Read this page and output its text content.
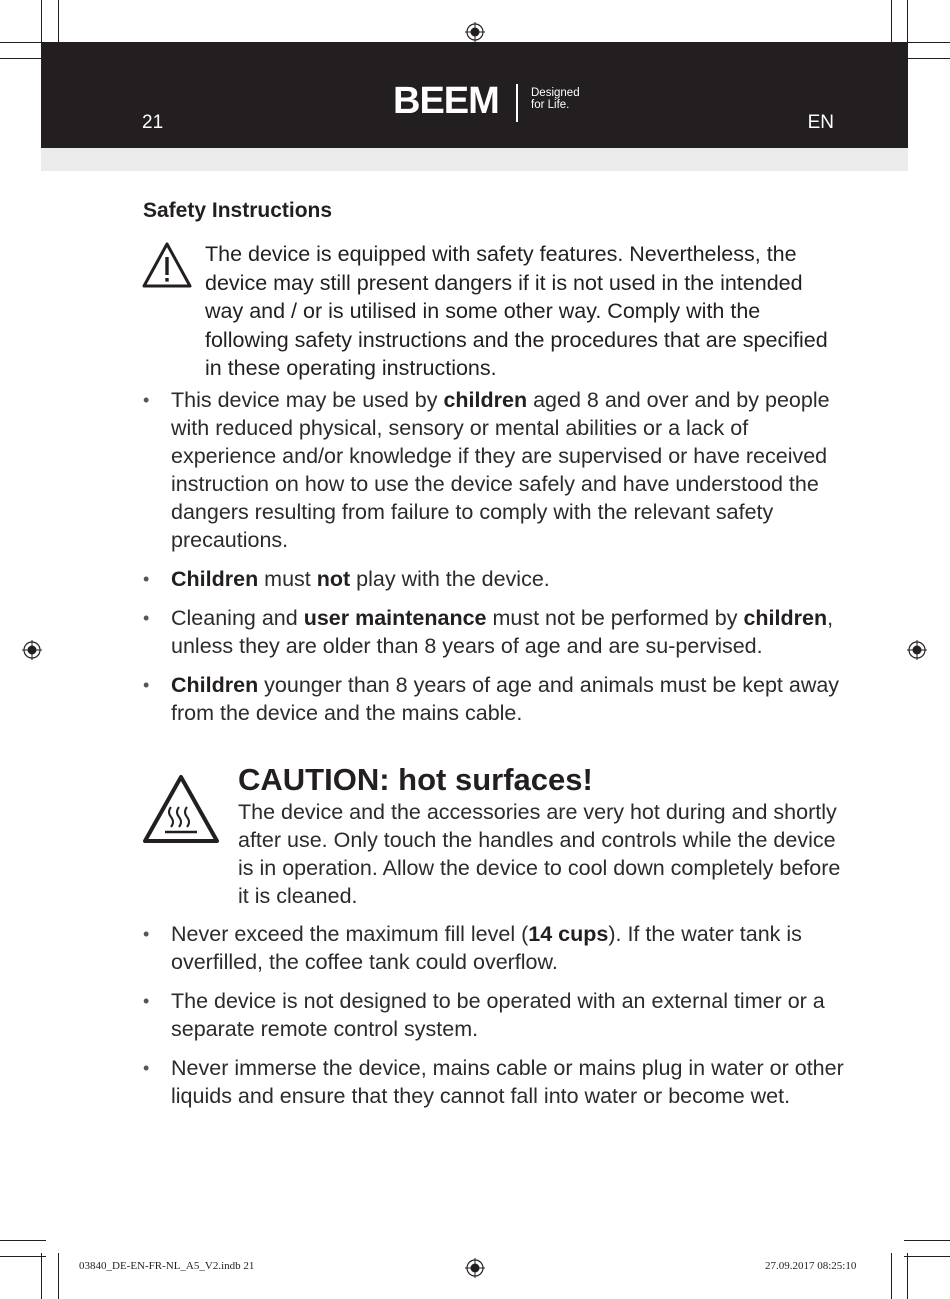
21
BEEM	Designed
for Life.
EN
Safety Instructions
The device is equipped with safety features. Nevertheless, the device may still present dangers if it is not used in the intended way and / or is utilised in some other way. Comply with the following safety instructions and the procedures that are specified in these operating instructions.
• This device may be used by children aged 8 and over and by people with reduced physical, sensory or mental abilities or a lack of experience and/or knowledge if they are supervised or have received instruction on how to use the device safely and have understood the dangers resulting from failure to comply with the relevant safety precautions.
• Children must not play with the device.
• Cleaning and user maintenance must not be performed by children, unless they are older than 8 years of age and are su-pervised.
• Children younger than 8 years of age and animals must be kept away from the device and the mains cable.
CAUTION: hot surfaces!
The device and the accessories are very hot during and shortly after use. Only touch the handles and controls while the device is in operation. Allow the device to cool down completely before it is cleaned.
• Never exceed the maximum fill level (14 cups). If the water tank is overfilled, the coffee tank could overflow.
• The device is not designed to be operated with an external timer or a separate remote control system.
• Never immerse the device, mains cable or mains plug in water or other liquids and ensure that they cannot fall into water or become wet.
03840_DE-EN-FR-NL_A5_V2.indb 21	27.09.2017 08:25:10
